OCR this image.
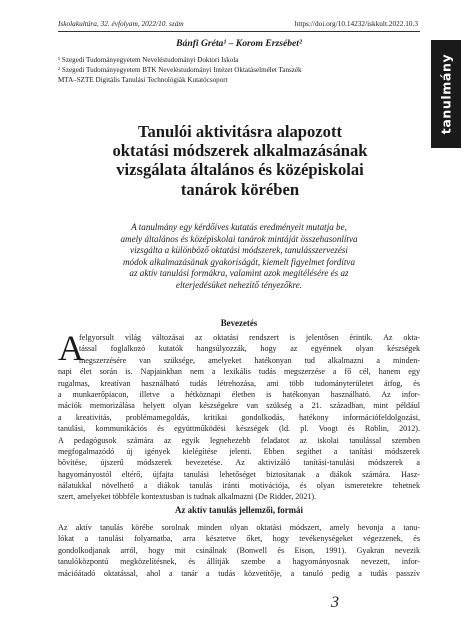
Iskolakultúra, 32. évfolyam, 2022/10. szám	https://doi.org/10.14232/iskkult.2022.10.3
tanulmány
Bánfi Gréta¹ – Korom Erzsébet²
¹ Szegedi Tudományegyetem Neveléstudományi Doktori Iskola
² Szegedi Tudományegyetem BTK Neveléstudományi Intézet Oktatáselmélet Tanszék
MTA–SZTE Digitális Tanulási Technológiák Kutatócsoport
Tanulói aktivitásra alapozott
oktatási módszerek alkalmazásának
vizsgálata általános és középiskolai
tanárok körében
A tanulmány egy kérdőíves kutatás eredményeit mutatja be,
amely általános és középiskolai tanárok mintáját összehasonlítva
vizsgálta a különböző oktatási módszerek, tanulásszervezési
módok alkalmazásának gyakoriságát, kiemelt figyelmet fordítva
az aktív tanulási formákra, valamint azok megítélésére és az
elterjedésüket nehezítő tényezőkre.
Bevezetés
A
felgyorsult világ változásai az oktatási rendszert is jelentősen érintik. Az okta-
tással foglalkozó kutatók hangsúlyozzák, hogy az egyénnek olyan készségek
megszerzésére van szüksége, amelyeket hatékonyan tud alkalmazni a minden-
napi élet során is. Napjainkban nem a lexikális tudás megszerzése a fő cél, hanem egy
rugalmas, kreatívan használható tudás létrehozása, ami több tudományterületet átfog, és
a munkaerőpiacon, illetve a hétköznapi életben is hatékonyan használható. Az infor-
mációk memorizálása helyett olyan készségekre van szükség a 21. században, mint például
a kreativitás, problémamegoldás, kritikai gondolkodás, hatékony információfeldolgozási,
tanulási, kommunikációs és együttműködési készségek (ld. pl. Voogt és Roblin, 2012).
A pedagógusok számára az egyik legnehezebb feladatot az iskolai tanulással szemben
megfogalmazódó új igények kielégítése jelenti. Ebben segíthet a tanítási módszerek
bővítése, újszerű módszerek bevezetése. Az aktivizáló tanítási-tanulási módszerek a
hagyományostól eltérő, újfajta tanulási lehetőséget biztosítanak a diákok számára. Hasz-
nálatukkal növelhető a diákok tanulás iránti motivációja, és olyan ismeretekre tehetnek
szert, amelyeket többféle kontextusban is tudnak alkalmazni (De Ridder, 2021).
Az aktív tanulás jellemzői, formái
Az aktív tanulás körébe sorolnak minden olyan oktatási módszert, amely bevonja a tanu-
lókat a tanulási folyamatba, arra késztetve őket, hogy tevékenységeket végezzenek, és
gondolkodjanak arról, hogy mit csinálnak (Bonwell és Eison, 1991). Gyakran nevezik
tanulóközpontú megközelítésnek, és állítják szembe a hagyományosnak nevezett, infor-
mációátadó oktatással, ahol a tanár a tudás közvetítője, a tanuló pedig a tudás passzív
3
